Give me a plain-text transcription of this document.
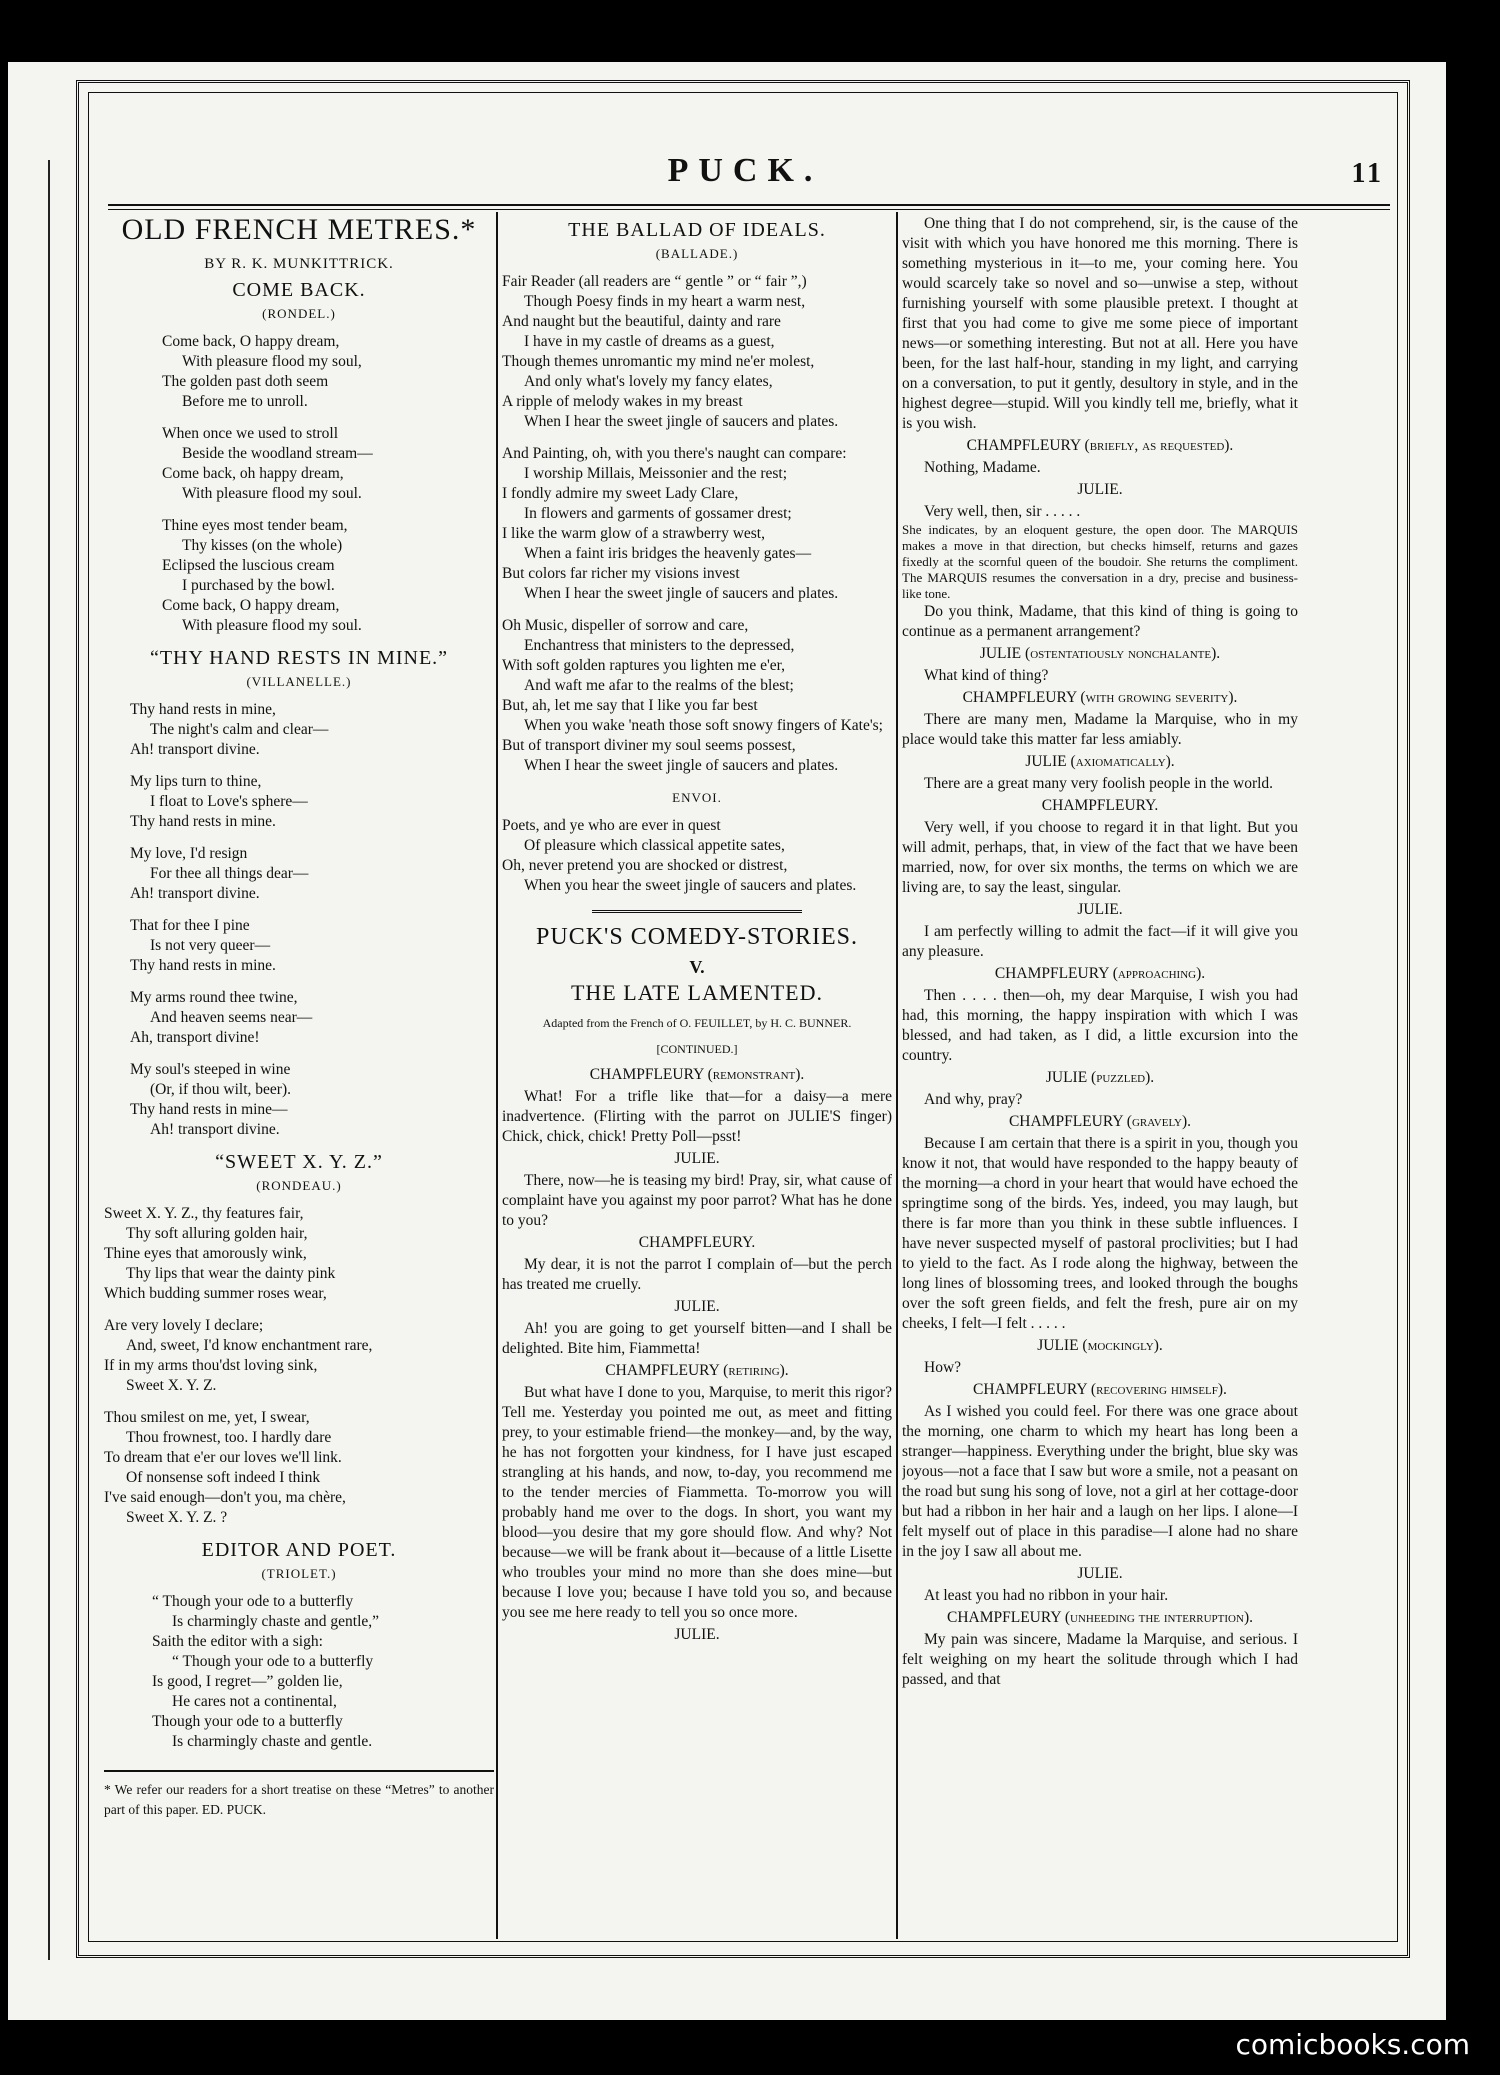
PUCK.	11
OLD FRENCH METRES.*
BY R. K. MUNKITTRICK.
COME BACK.
(RONDEL.)
Come back, O happy dream,
With pleasure flood my soul,
The golden past doth seem
Before me to unroll.
When once we used to stroll
Beside the woodland stream—
Come back, oh happy dream,
With pleasure flood my soul.
Thine eyes most tender beam,
Thy kisses (on the whole)
Eclipsed the luscious cream
I purchased by the bowl.
Come back, O happy dream,
With pleasure flood my soul.
“THY HAND RESTS IN MINE.”
(VILLANELLE.)
Thy hand rests in mine,
The night's calm and clear—
Ah! transport divine.
My lips turn to thine,
I float to Love's sphere—
Thy hand rests in mine.
My love, I'd resign
For thee all things dear—
Ah! transport divine.
That for thee I pine
Is not very queer—
Thy hand rests in mine.
My arms round thee twine,
And heaven seems near—
Ah, transport divine!
My soul's steeped in wine
(Or, if thou wilt, beer).
Thy hand rests in mine—
Ah! transport divine.
“SWEET X. Y. Z.”
(RONDEAU.)
Sweet X. Y. Z., thy features fair,
Thy soft alluring golden hair,
Thine eyes that amorously wink,
Thy lips that wear the dainty pink
Which budding summer roses wear,
Are very lovely I declare;
And, sweet, I'd know enchantment rare,
If in my arms thou'dst loving sink,
Sweet X. Y. Z.
Thou smilest on me, yet, I swear,
Thou frownest, too. I hardly dare
To dream that e'er our loves we'll link.
Of nonsense soft indeed I think
I've said enough—don't you, ma chère,
Sweet X. Y. Z. ?
EDITOR AND POET.
(TRIOLET.)
“ Though your ode to a butterfly
Is charmingly chaste and gentle,”
Saith the editor with a sigh:
“ Though your ode to a butterfly
Is good, I regret—” golden lie,
He cares not a continental,
Though your ode to a butterfly
Is charmingly chaste and gentle.
* We refer our readers for a short treatise on these “Metres” to another part of this paper. ED. PUCK.
THE BALLAD OF IDEALS.
(BALLADE.)
Fair Reader (all readers are “ gentle ” or “ fair ”,)
Though Poesy finds in my heart a warm nest,
And naught but the beautiful, dainty and rare
I have in my castle of dreams as a guest,
Though themes unromantic my mind ne'er molest,
And only what's lovely my fancy elates,
A ripple of melody wakes in my breast
When I hear the sweet jingle of saucers and plates.
And Painting, oh, with you there's naught can compare:
I worship Millais, Meissonier and the rest;
I fondly admire my sweet Lady Clare,
In flowers and garments of gossamer drest;
I like the warm glow of a strawberry west,
When a faint iris bridges the heavenly gates—
But colors far richer my visions invest
When I hear the sweet jingle of saucers and plates.
Oh Music, dispeller of sorrow and care,
Enchantress that ministers to the depressed,
With soft golden raptures you lighten me e'er,
And waft me afar to the realms of the blest;
But, ah, let me say that I like you far best
When you wake 'neath those soft snowy fingers of Kate's;
But of transport diviner my soul seems possest,
When I hear the sweet jingle of saucers and plates.
ENVOI.
Poets, and ye who are ever in quest
Of pleasure which classical appetite sates,
Oh, never pretend you are shocked or distrest,
When you hear the sweet jingle of saucers and plates.
PUCK'S COMEDY-STORIES.
V.
THE LATE LAMENTED.
Adapted from the French of O. FEUILLET, by H. C. BUNNER.
[CONTINUED.]

CHAMPFLEURY (remonstrant).

What! For a trifle like that—for a daisy—a mere inadvertence. (Flirting with the parrot on JULIE'S finger) Chick, chick, chick! Pretty Poll—psst!

JULIE.

There, now—he is teasing my bird! Pray, sir, what cause of complaint have you against my poor parrot? What has he done to you?

CHAMPFLEURY.

My dear, it is not the parrot I complain of—but the perch has treated me cruelly.

JULIE.

Ah! you are going to get yourself bitten—and I shall be delighted. Bite him, Fiammetta!

CHAMPFLEURY (retiring).

But what have I done to you, Marquise, to merit this rigor? Tell me. Yesterday you pointed me out, as meet and fitting prey, to your estimable friend—the monkey—and, by the way, he has not forgotten your kindness, for I have just escaped strangling at his hands, and now, to-day, you recommend me to the tender mercies of Fiammetta. To-morrow you will probably hand me over to the dogs. In short, you want my blood—you desire that my gore should flow. And why? Not because—we will be frank about it—because of a little Lisette who troubles your mind no more than she does mine—but because I love you; because I have told you so, and because you see me here ready to tell you so once more.

JULIE.

One thing that I do not comprehend, sir, is the cause of the visit with which you have honored me this morning. There is something mysterious in it—to me, your coming here. You would scarcely take so novel and so—unwise a step, without furnishing yourself with some plausible pretext. I thought at first that you had come to give me some piece of important news—or something interesting. But not at all. Here you have been, for the last half-hour, standing in my light, and carrying on a conversation, to put it gently, desultory in style, and in the highest degree—stupid. Will you kindly tell me, briefly, what it is you wish.

CHAMPFLEURY (briefly, as requested).

Nothing, Madame.

JULIE.

Very well, then, sir . . . . .

She indicates, by an eloquent gesture, the open door. The MARQUIS makes a move in that direction, but checks himself, returns and gazes fixedly at the scornful queen of the boudoir. She returns the compliment. The MARQUIS resumes the conversation in a dry, precise and business-like tone.

Do you think, Madame, that this kind of thing is going to continue as a permanent arrangement?

JULIE (ostentatiously nonchalante).

What kind of thing?

CHAMPFLEURY (with growing severity).

There are many men, Madame la Marquise, who in my place would take this matter far less amiably.

JULIE (axiomatically).

There are a great many very foolish people in the world.

CHAMPFLEURY.

Very well, if you choose to regard it in that light. But you will admit, perhaps, that, in view of the fact that we have been married, now, for over six months, the terms on which we are living are, to say the least, singular.

JULIE.

I am perfectly willing to admit the fact—if it will give you any pleasure.

CHAMPFLEURY (approaching).

Then . . . . then—oh, my dear Marquise, I wish you had had, this morning, the happy inspiration with which I was blessed, and had taken, as I did, a little excursion into the country.

JULIE (puzzled).

And why, pray?

CHAMPFLEURY (gravely).

Because I am certain that there is a spirit in you, though you know it not, that would have responded to the happy beauty of the morning—a chord in your heart that would have echoed the springtime song of the birds. Yes, indeed, you may laugh, but there is far more than you think in these subtle influences. I have never suspected myself of pastoral proclivities; but I had to yield to the fact. As I rode along the highway, between the long lines of blossoming trees, and looked through the boughs over the soft green fields, and felt the fresh, pure air on my cheeks, I felt—I felt . . . . .

JULIE (mockingly).

How?

CHAMPFLEURY (recovering himself).

As I wished you could feel. For there was one grace about the morning, one charm to which my heart has long been a stranger—happiness. Everything under the bright, blue sky was joyous—not a face that I saw but wore a smile, not a peasant on the road but sung his song of love, not a girl at her cottage-door but had a ribbon in her hair and a laugh on her lips. I alone—I felt myself out of place in this paradise—I alone had no share in the joy I saw all about me.

JULIE.

At least you had no ribbon in your hair.

CHAMPFLEURY (unheeding the interruption).

My pain was sincere, Madame la Marquise, and serious. I felt weighing on my heart the solitude through which I had passed, and that

comicbooks.com
